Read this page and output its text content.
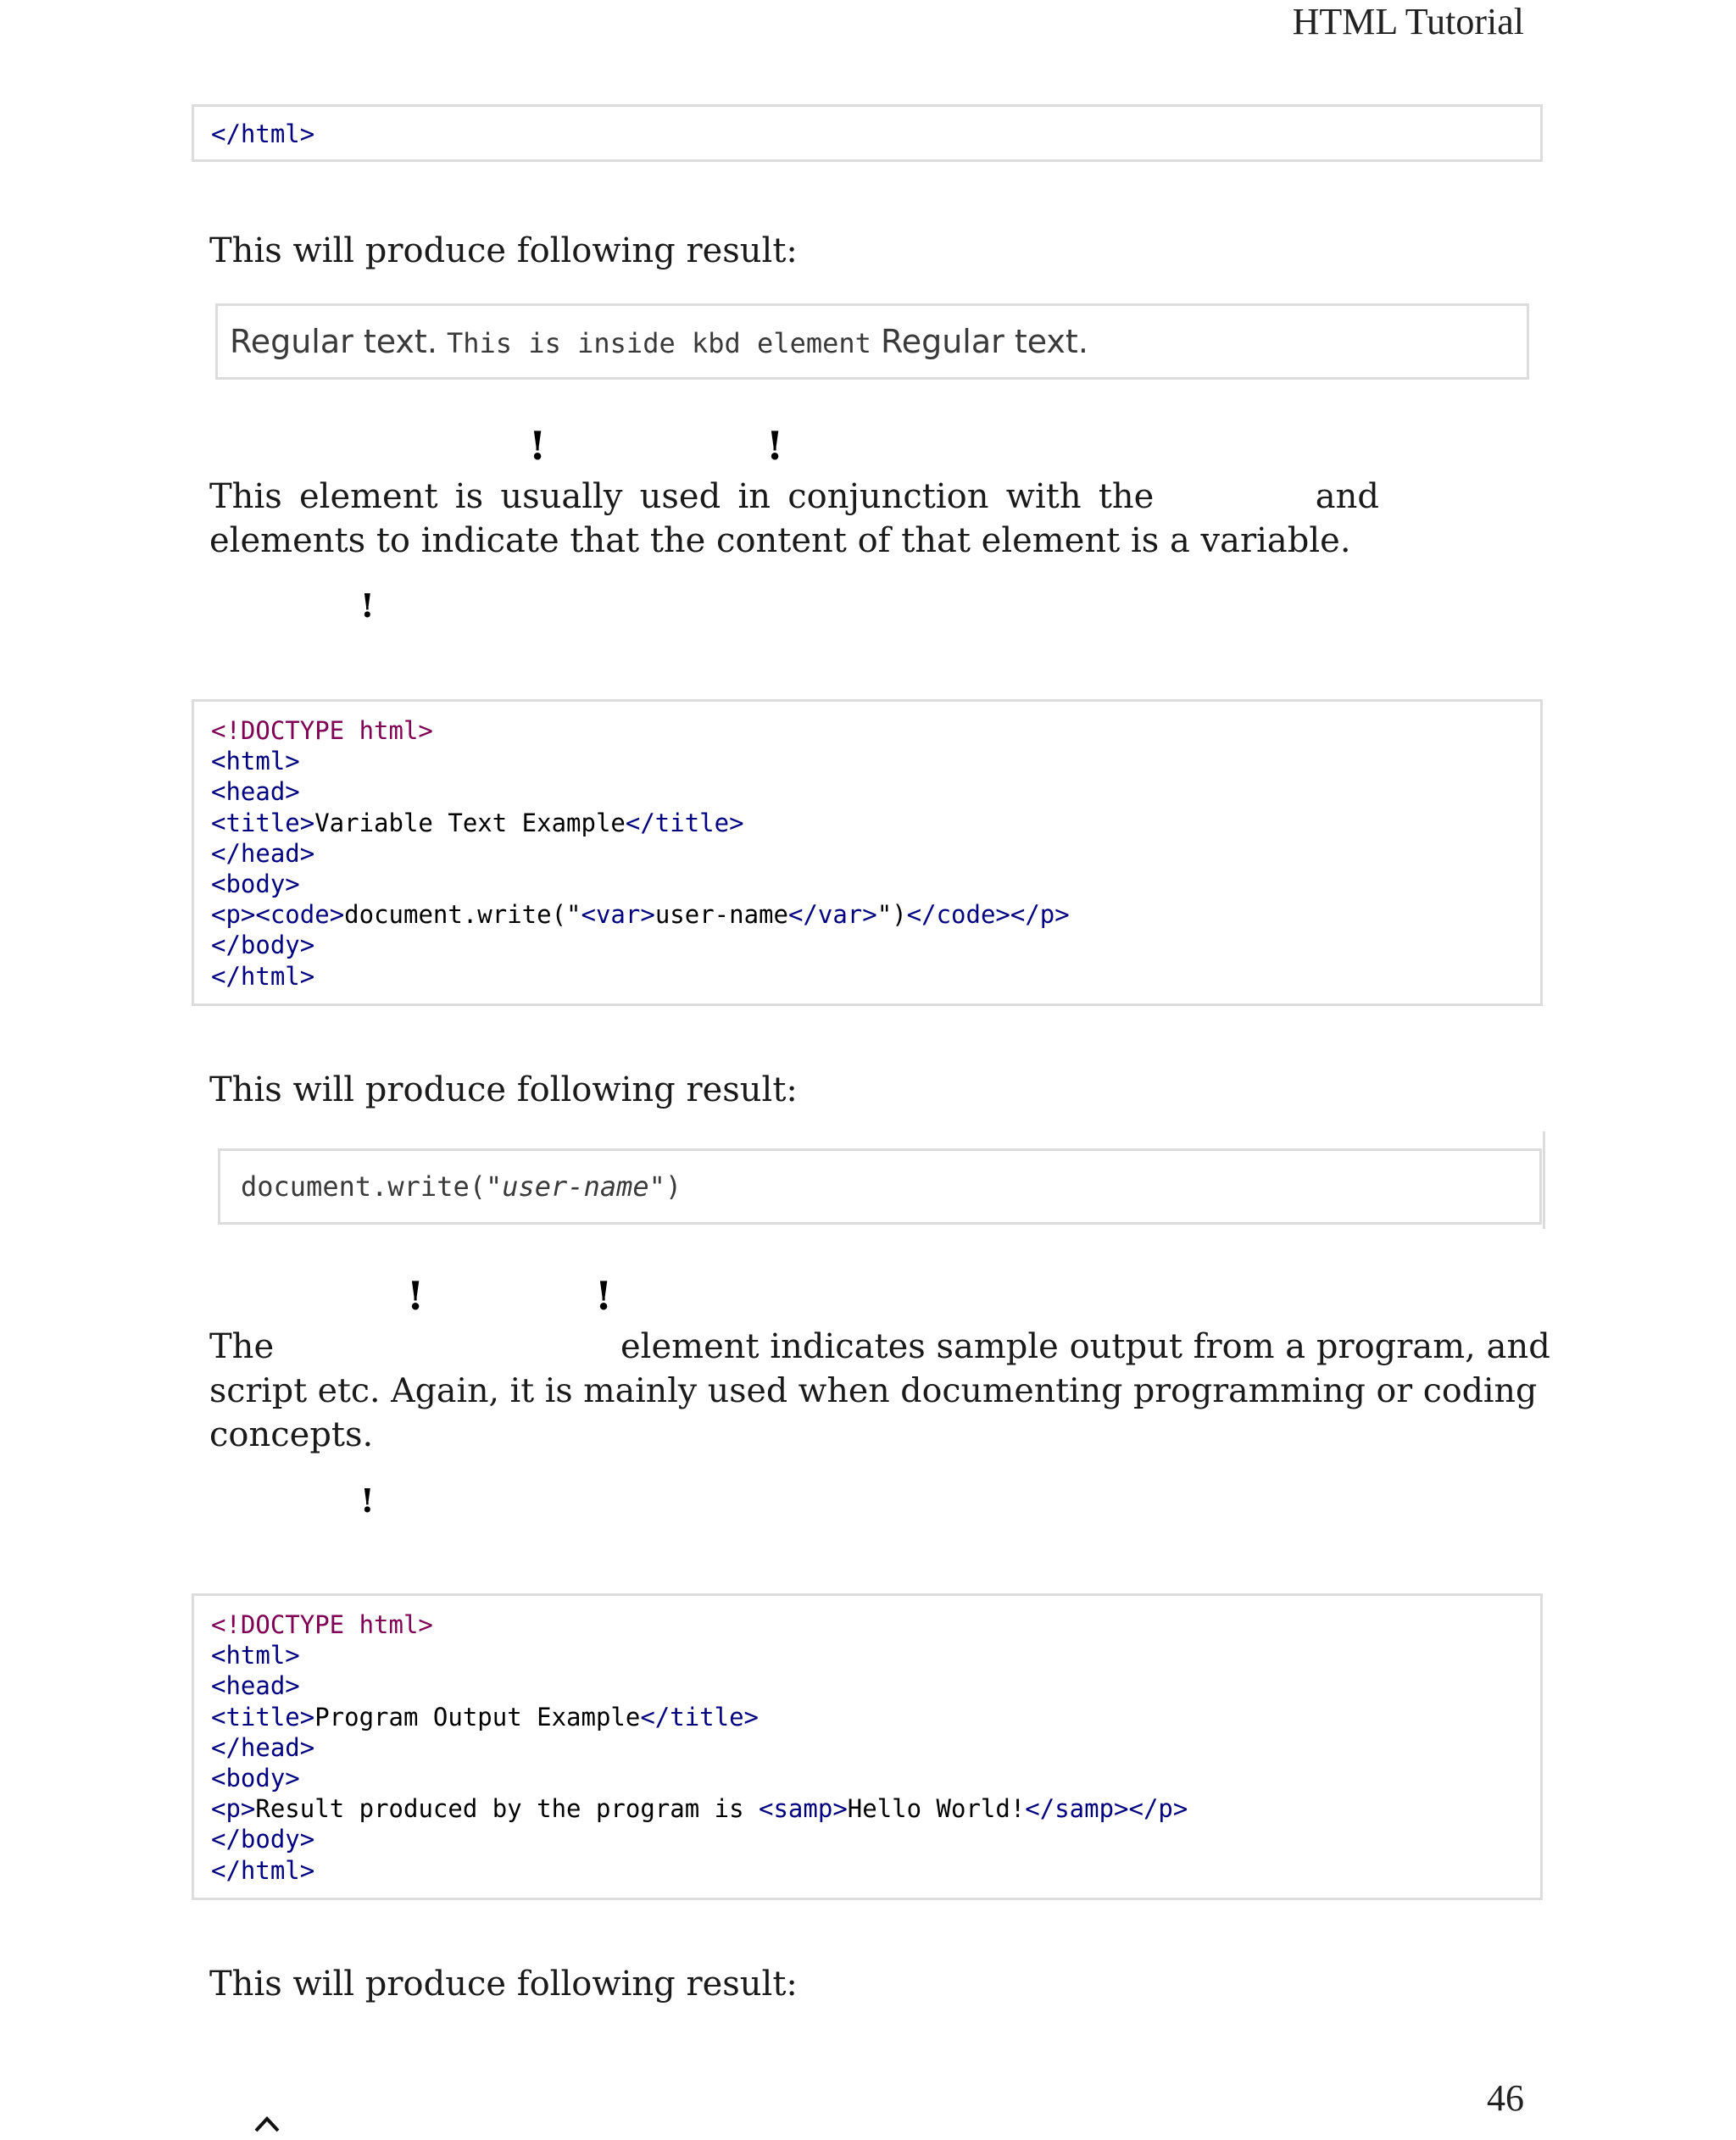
HTML Tutorial
</html>
This will produce following result:
Regular text. This is inside kbd element Regular text.
!	!
This element is usually used in conjunction with the	and
elements to indicate that the content of that element is a variable.
!
<!DOCTYPE html>
<html>
<head>
<title>Variable Text Example</title>
</head>
<body>
<p><code>document.write("<var>user-name</var>")</code></p>
</body>
</html>
This will produce following result:
document.write("user-name")
!	!
The	element indicates sample output from a program, and
script etc. Again, it is mainly used when documenting programming or coding
concepts.
!
<!DOCTYPE html>
<html>
<head>
<title>Program Output Example</title>
</head>
<body>
<p>Result produced by the program is <samp>Hello World!</samp></p>
</body>
</html>
This will produce following result:
46
